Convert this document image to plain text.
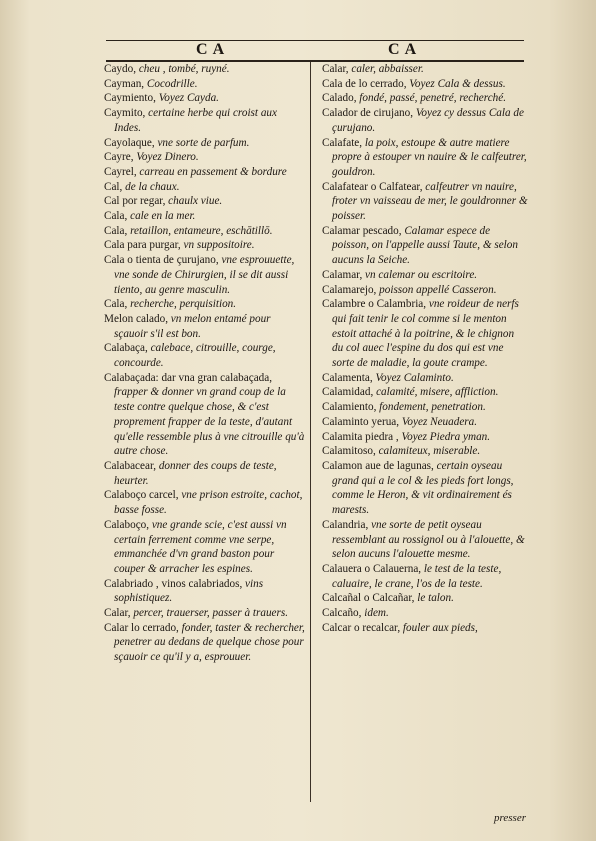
C A	C A
Caydo, cheu , tombé, ruyné.
Cayman, Cocodrille.
Caymiento, Voyez Cayda.
Caymito, certaine herbe qui croist aux Indes.
Cayolaque, vne sorte de parfum.
Cayre, Voyez Dinero.
Cayrel, carreau en passement & bordure
Cal, de la chaux.
Cal por regar, chaulx viue.
Cala, cale en la mer.
Cala, retaillon, entameure, eschātillō.
Cala para purgar, vn suppositoire.
Cala o tienta de çurujano, vne esprouuette, vne sonde de Chirurgien, il se dit aussi tiento, au genre masculin.
Cala, recherche, perquisition.
Melon calado, vn melon entamé pour sçauoir s'il est bon.
Calabaça, calebace, citrouille, courge, concourde.
Calabaçada: dar vna gran calabaçada, frapper & donner vn grand coup de la teste contre quelque chose, & c'est proprement frapper de la teste, d'autant qu'elle ressemble plus à vne citrouille qu'à autre chose.
Calabacear, donner des coups de teste, heurter.
Calaboço carcel, vne prison estroite, cachot, basse fosse.
Calaboço, vne grande scie, c'est aussi vn certain ferrement comme vne serpe, emmanchée d'vn grand baston pour couper & arracher les espines.
Calabriado , vinos calabriados, vins sophistiquez.
Calar, percer, trauerser, passer à trauers.
Calar lo cerrado, fonder, taster & rechercher, penetrer au dedans de quelque chose pour sçauoir ce qu'il y a, esprouuer.
Calar, caler, abbaisser.
Cala de lo cerrado, Voyez Cala & dessus.
Calado, fondé, passé, penetré, recherché.
Calador de cirujano, Voyez cy dessus Cala de çurujano.
Calafate, la poix, estoupe & autre matiere propre à estouper vn nauire & le calfeutrer, gouldron.
Calafatear o Calfatear, calfeutrer vn nauire, froter vn vaisseau de mer, le gouldronner & poisser.
Calamar pescado, Calamar espece de poisson, on l'appelle aussi Taute, & selon aucuns la Seiche.
Calamar, vn calemar ou escritoire.
Calamarejo, poisson appellé Casseron.
Calambre o Calambria, vne roideur de nerfs qui fait tenir le col comme si le menton estoit attaché à la poitrine, & le chignon du col auec l'espine du dos qui est vne sorte de maladie, la goute crampe.
Calamenta, Voyez Calaminto.
Calamidad, calamité, misere, affliction.
Calamiento, fondement, penetration.
Calaminto yerua, Voyez Neuadera.
Calamita piedra , Voyez Piedra yman.
Calamitoso, calamiteux, miserable.
Calamon aue de lagunas, certain oyseau grand qui a le col & les pieds fort longs, comme le Heron, & vit ordinairement és marests.
Calandria, vne sorte de petit oyseau ressemblant au rossignol ou à l'alouette, & selon aucuns l'alouette mesme.
Calauera o Calauerna, le test de la teste, caluaire, le crane, l'os de la teste.
Calcañal o Calcañar, le talon.
Calcaño, idem.
Calcar o recalcar, fouler aux pieds,
presser
